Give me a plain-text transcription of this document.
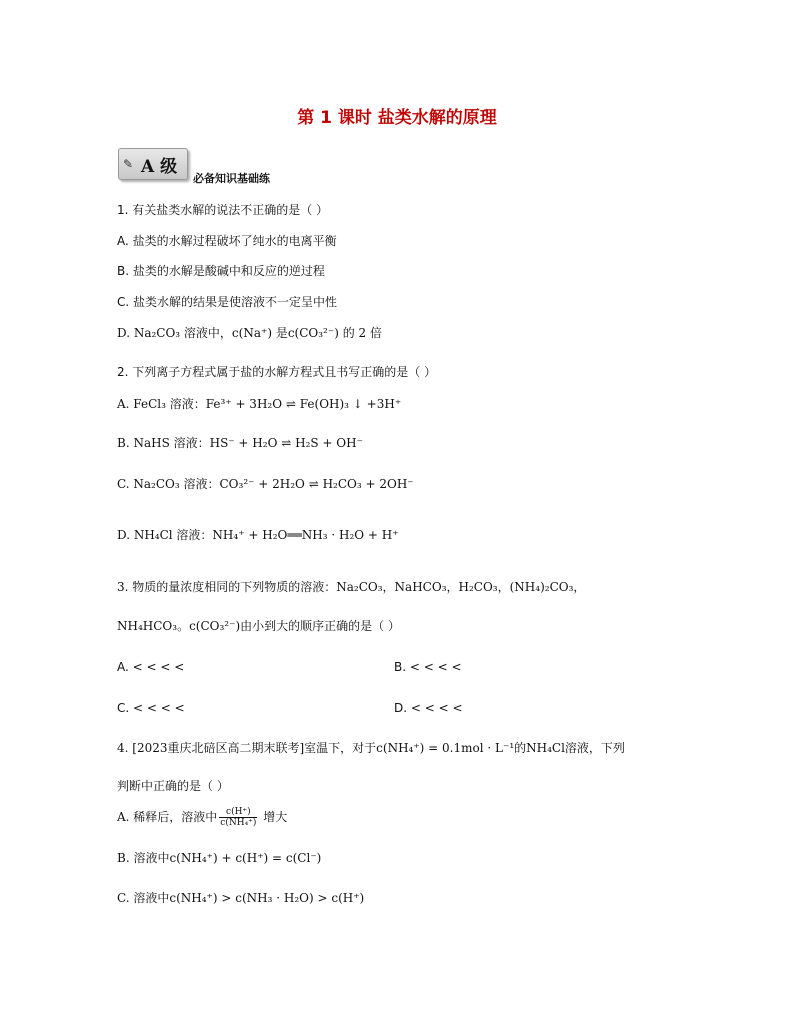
第 1 课时 盐类水解的原理
✎ A 级
必备知识基础练
1. 有关盐类水解的说法不正确的是（ ）
A. 盐类的水解过程破坏了纯水的电离平衡
B. 盐类的水解是酸碱中和反应的逆过程
C. 盐类水解的结果是使溶液不一定呈中性
D. Na₂CO₃ 溶液中，c(Na⁺) 是c(CO₃²⁻) 的 2 倍
2. 下列离子方程式属于盐的水解方程式且书写正确的是（ ）
A. FeCl₃ 溶液：Fe³⁺ + 3H₂O ⇌ Fe(OH)₃ ↓ +3H⁺
B. NaHS 溶液：HS⁻ + H₂O ⇌ H₂S + OH⁻
C. Na₂CO₃ 溶液：CO₃²⁻ + 2H₂O ⇌ H₂CO₃ + 2OH⁻
D. NH₄Cl 溶液：NH₄⁺ + H₂O══NH₃ · H₂O + H⁺
3. 物质的量浓度相同的下列物质的溶液：Na₂CO₃，NaHCO₃，H₂CO₃，(NH₄)₂CO₃，
NH₄HCO₃。c(CO₃²⁻)由小到大的顺序正确的是（ ）
A. < < < <	B. < < < <
C. < < < <	D. < < < <
4. [2023重庆北碚区高二期末联考]室温下，对于c(NH₄⁺) = 0.1mol · L⁻¹的NH₄Cl溶液，下列
判断中正确的是（ ）
A. 稀释后，溶液中 $\frac{c(H^+)}{\text{c(NH₄⁺)}}$ 增大
B. 溶液中c(NH₄⁺) + c(H⁺) = c(Cl⁻)
C. 溶液中c(NH₄⁺) > c(NH₃ · H₂O) > c(H⁺)
